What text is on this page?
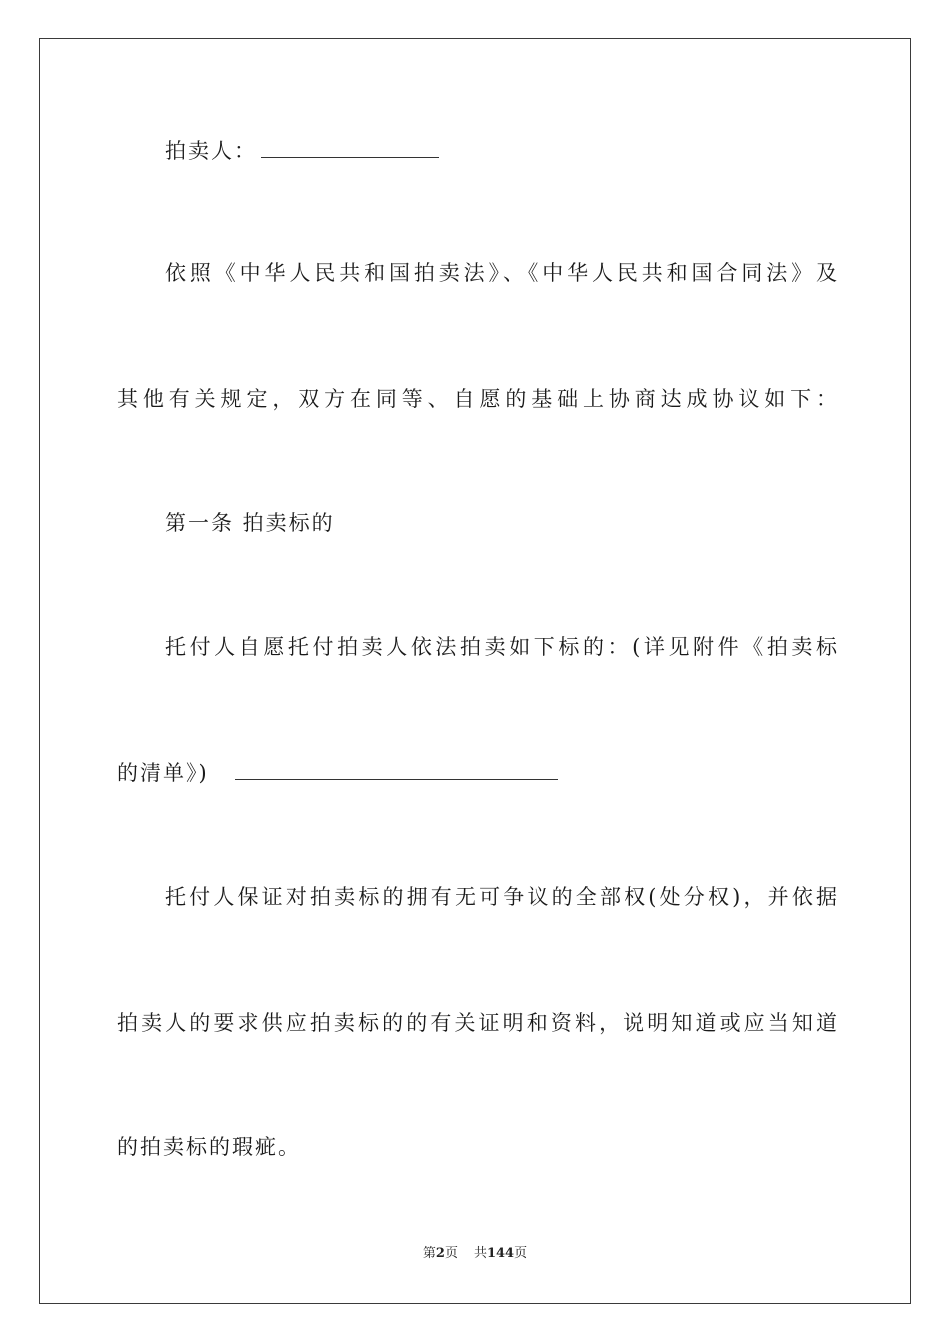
拍卖人：
依照《中华人民共和国拍卖法》、《中华人民共和国合同法》及
其他有关规定，双方在同等、自愿的基础上协商达成协议如下：
第一条 拍卖标的
托付人自愿托付拍卖人依法拍卖如下标的：(详见附件《拍卖标
的清单》)
托付人保证对拍卖标的拥有无可争议的全部权(处分权)，并依据
拍卖人的要求供应拍卖标的的有关证明和资料，说明知道或应当知道
的拍卖标的瑕疵。
第2页 共144页
